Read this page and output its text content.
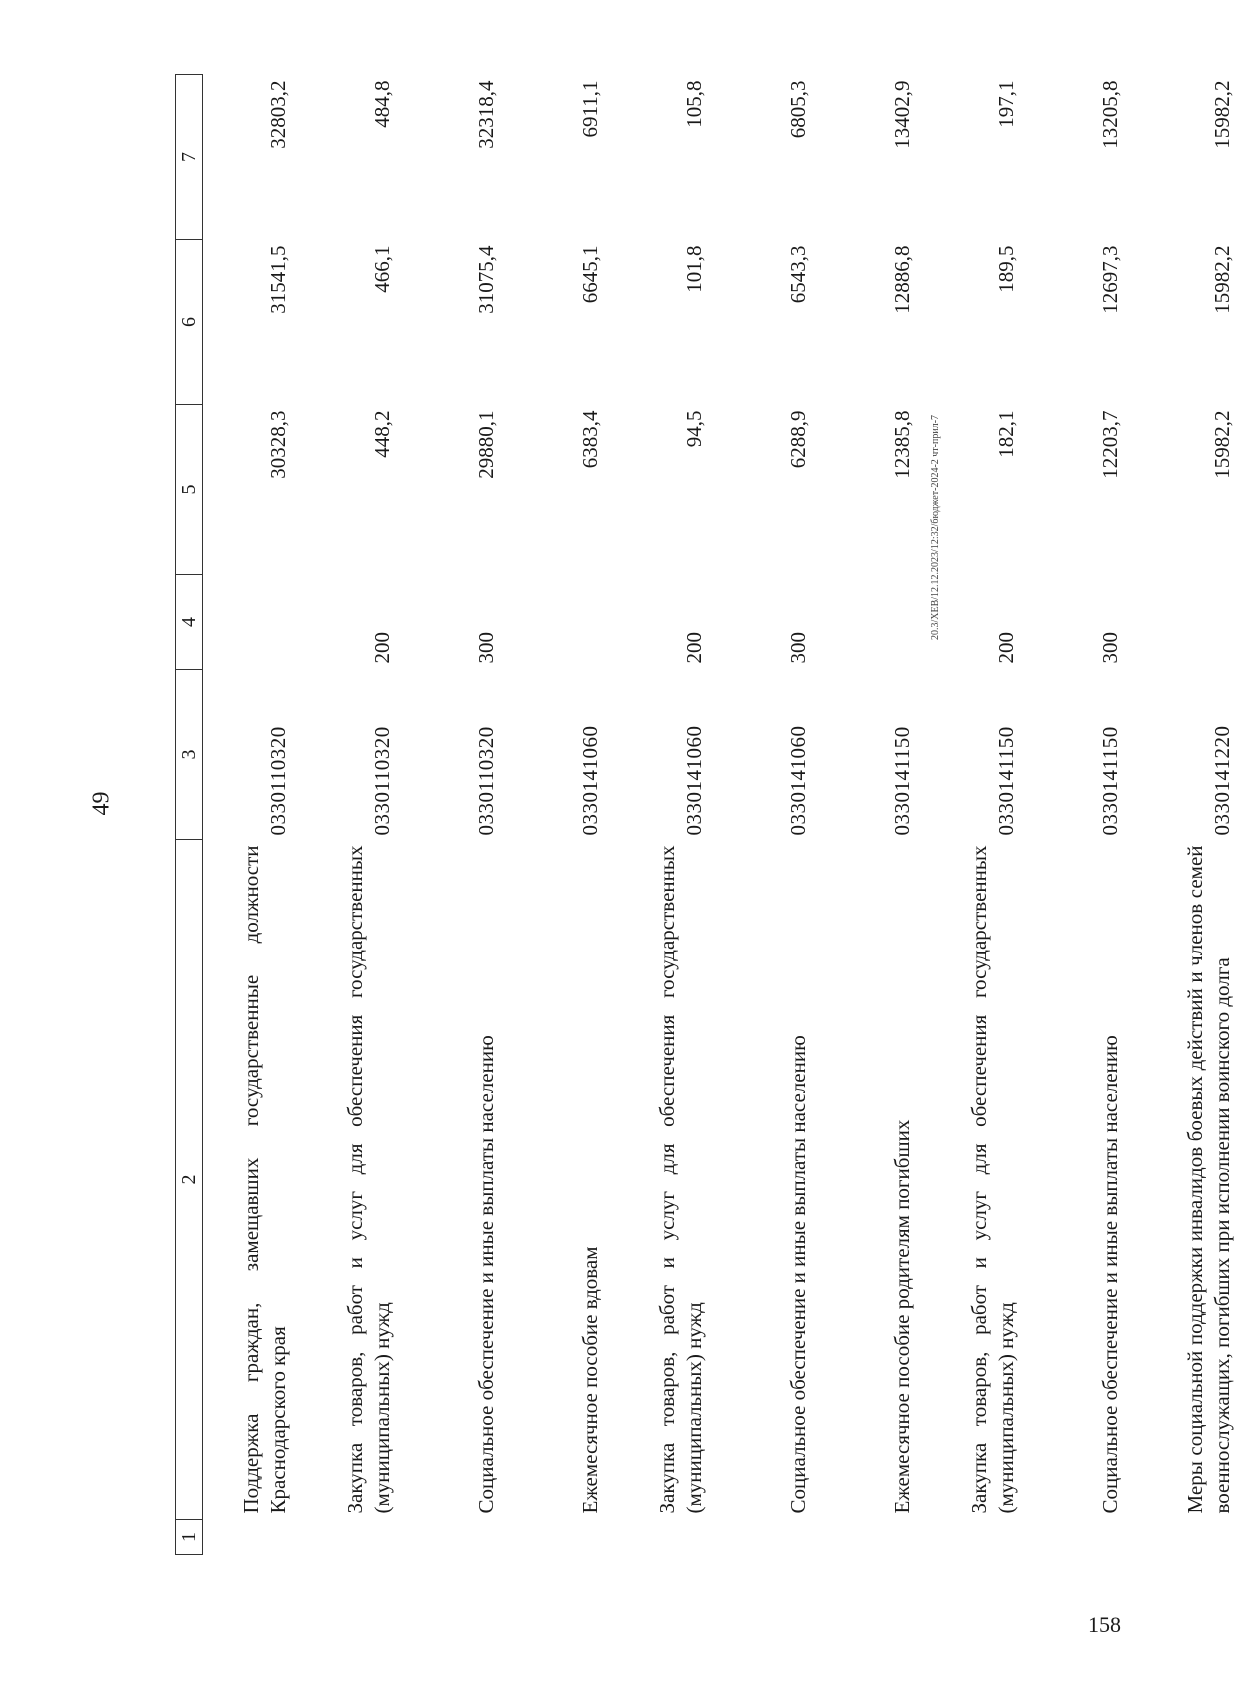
49
1	2	3	4	5	6	7
	Поддержка граждан, замещавших государственные должности Краснодарского края	0330110320		30328,3	31541,5	32803,2
	Закупка товаров, работ и услуг для обеспечения государственных (муниципальных) нужд	0330110320	200	448,2	466,1	484,8
	Социальное обеспечение и иные выплаты населению	0330110320	300	29880,1	31075,4	32318,4
	Ежемесячное пособие вдовам	0330141060		6383,4	6645,1	6911,1
	Закупка товаров, работ и услуг для обеспечения государственных (муниципальных) нужд	0330141060	200	94,5	101,8	105,8
	Социальное обеспечение и иные выплаты населению	0330141060	300	6288,9	6543,3	6805,3
	Ежемесячное пособие родителям погибших	0330141150		12385,8	12886,8	13402,9
	Закупка товаров, работ и услуг для обеспечения государственных (муниципальных) нужд	0330141150	200	182,1	189,5	197,1
	Социальное обеспечение и иные выплаты населению	0330141150	300	12203,7	12697,3	13205,8
	Меры социальной поддержки инвалидов боевых действий и членов семей военнослужащих, погибших при исполнении воинского долга	0330141220		15982,2	15982,2	15982,2
20.3/ХЕВ/12.12.2023/12:32/бюджет-2024-2 чт-прил-7
158
